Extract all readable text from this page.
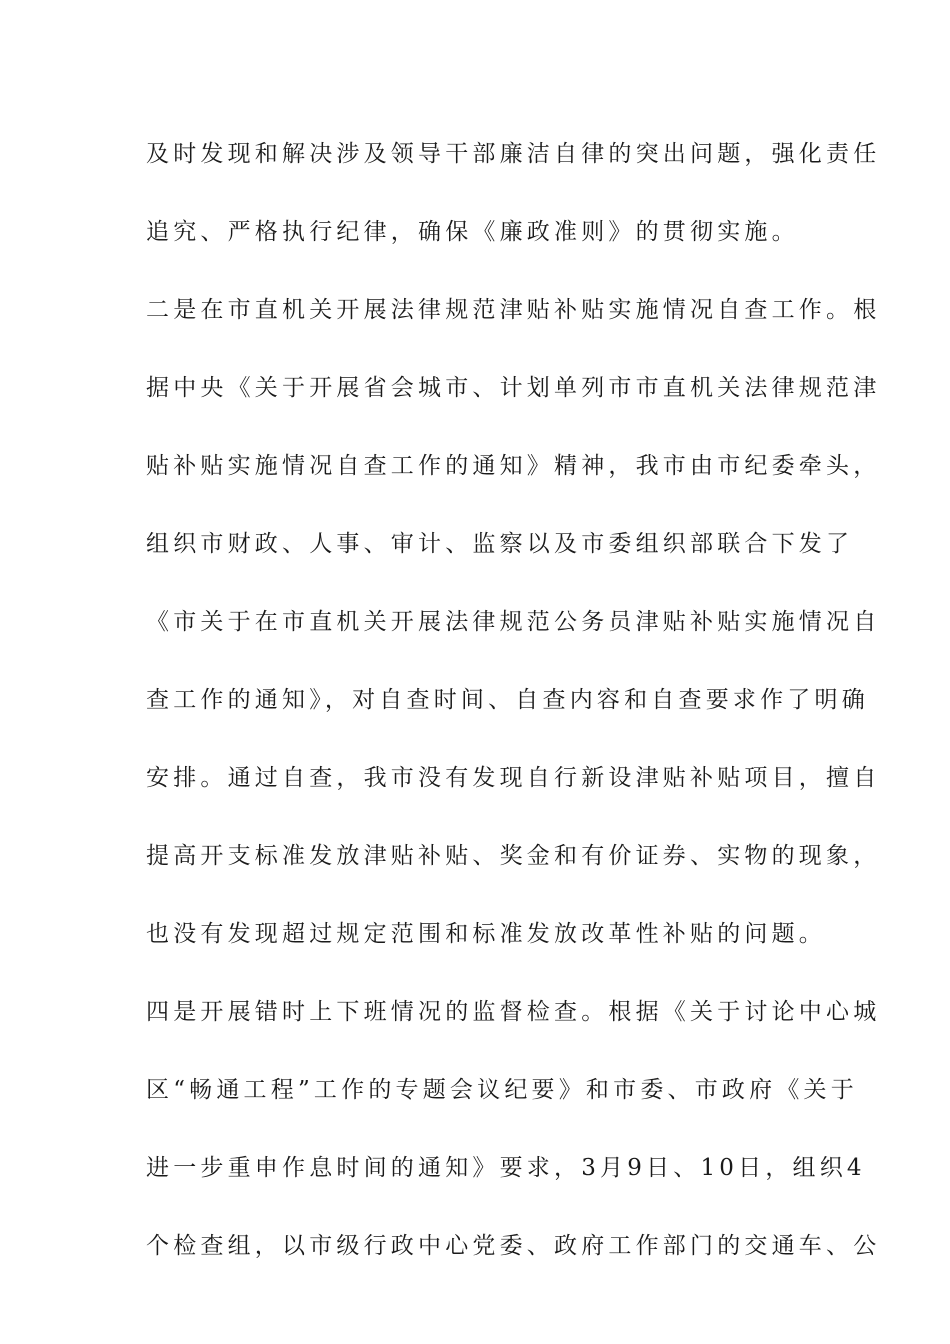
及时发现和解决涉及领导干部廉洁自律的突出问题，强化责任
追究、严格执行纪律，确保《廉政准则》的贯彻实施。
二是在市直机关开展法律规范津贴补贴实施情况自查工作。根
据中央《关于开展省会城市、计划单列市市直机关法律规范津
贴补贴实施情况自查工作的通知》精神，我市由市纪委牵头，
组织市财政、人事、审计、监察以及市委组织部联合下发了
《市关于在市直机关开展法律规范公务员津贴补贴实施情况自
查工作的通知》，对自查时间、自查内容和自查要求作了明确
安排。通过自查，我市没有发现自行新设津贴补贴项目，擅自
提高开支标准发放津贴补贴、奖金和有价证券、实物的现象，
也没有发现超过规定范围和标准发放改革性补贴的问题。
四是开展错时上下班情况的监督检查。根据《关于讨论中心城
区“畅通工程”工作的专题会议纪要》和市委、市政府《关于
进一步重申作息时间的通知》要求，3月9日、10日，组织4
个检查组，以市级行政中心党委、政府工作部门的交通车、公
